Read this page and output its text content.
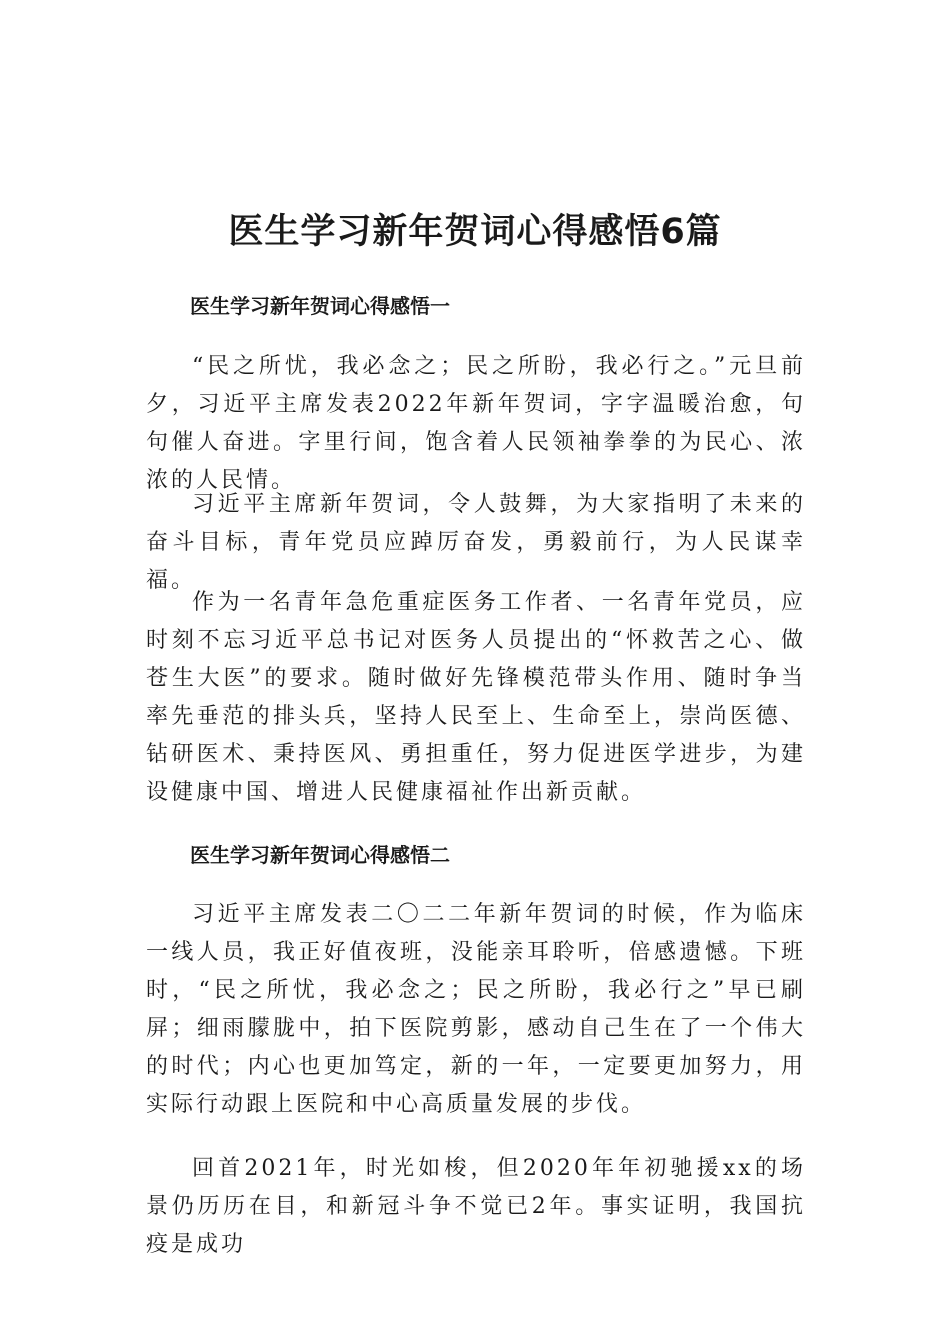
医生学习新年贺词心得感悟6篇
医生学习新年贺词心得感悟一

“民之所忧，我必念之；民之所盼，我必行之。”元旦前夕，习近平主席发表2022年新年贺词，字字温暖治愈，句句催人奋进。字里行间，饱含着人民领袖拳拳的为民心、浓浓的人民情。

习近平主席新年贺词，令人鼓舞，为大家指明了未来的奋斗目标，青年党员应踔厉奋发，勇毅前行，为人民谋幸福。

作为一名青年急危重症医务工作者、一名青年党员，应时刻不忘习近平总书记对医务人员提出的“怀救苦之心、做苍生大医”的要求。随时做好先锋模范带头作用、随时争当率先垂范的排头兵，坚持人民至上、生命至上，崇尚医德、钻研医术、秉持医风、勇担重任，努力促进医学进步，为建设健康中国、增进人民健康福祉作出新贡献。

医生学习新年贺词心得感悟二

习近平主席发表二〇二二年新年贺词的时候，作为临床一线人员，我正好值夜班，没能亲耳聆听，倍感遗憾。下班时，“民之所忧，我必念之；民之所盼，我必行之”早已刷屏；细雨朦胧中，拍下医院剪影，感动自己生在了一个伟大的时代；内心也更加笃定，新的一年，一定要更加努力，用实际行动跟上医院和中心高质量发展的步伐。

回首2021年，时光如梭，但2020年年初驰援xx的场景仍历历在目，和新冠斗争不觉已2年。事实证明，我国抗疫是成功
